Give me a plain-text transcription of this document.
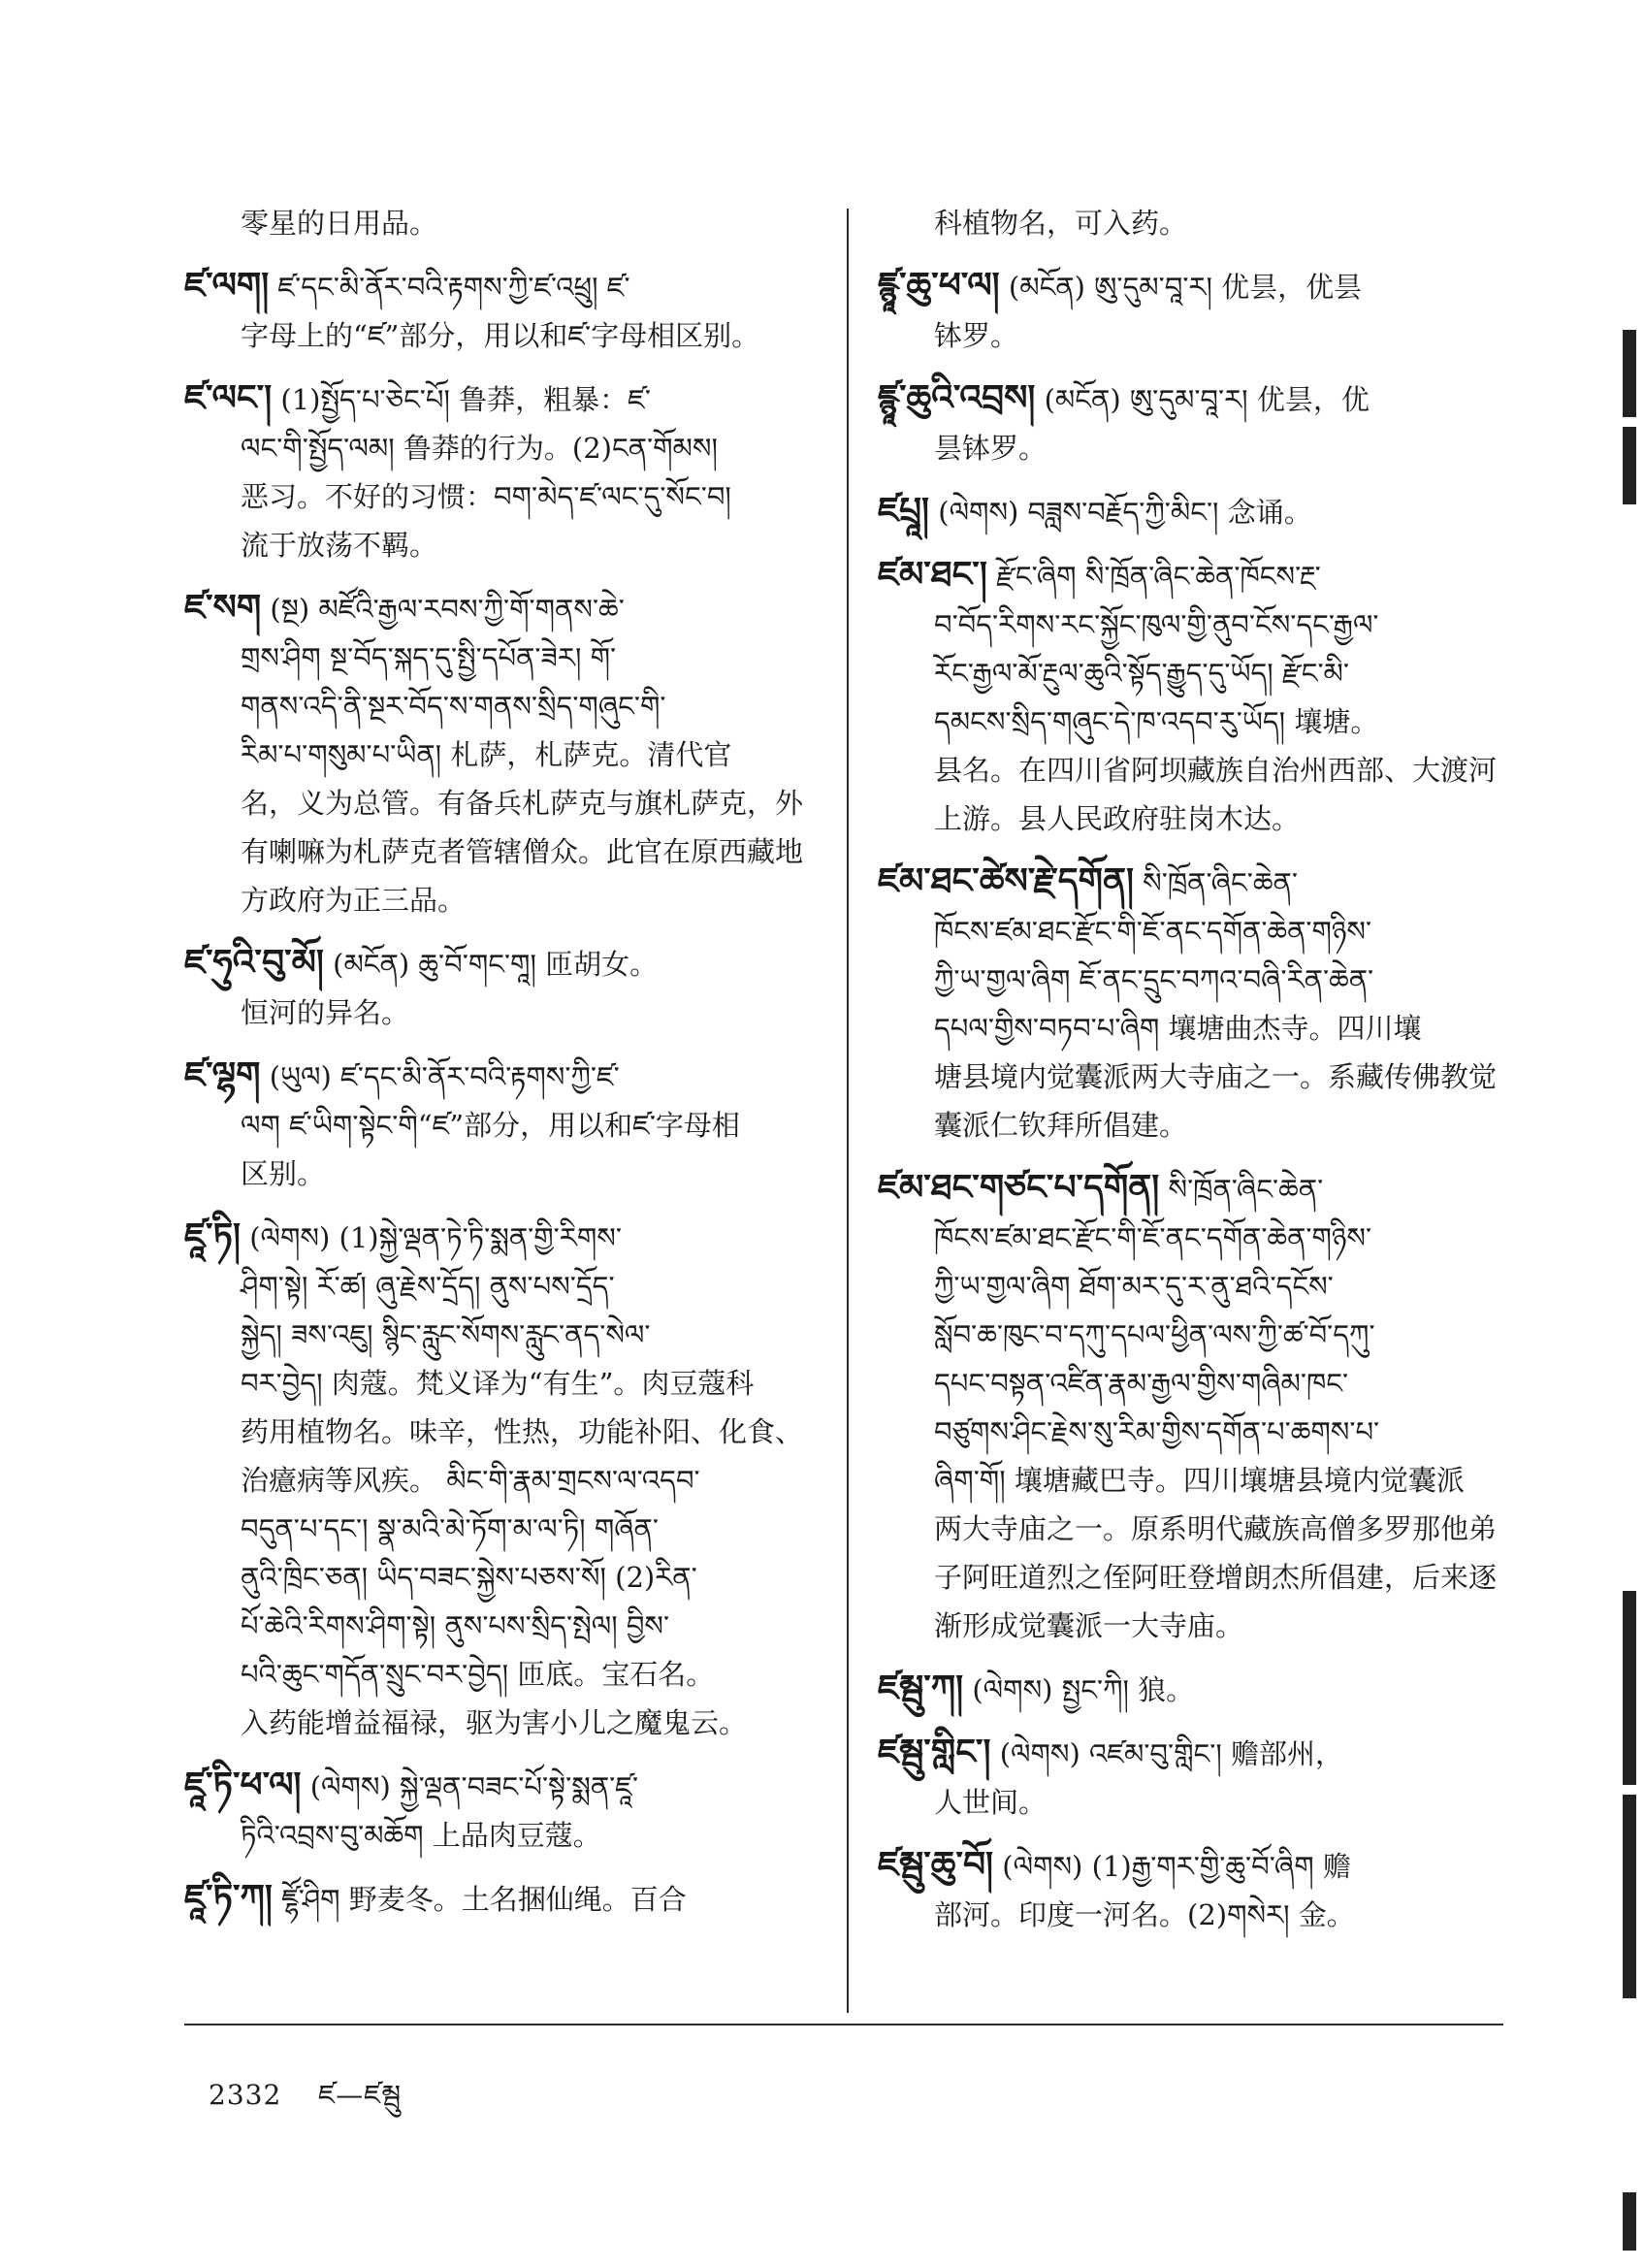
零星的日用品。
ཛ་ལག། ཛ་དང་མི་ནོར་བའི་རྟགས་ཀྱི་ཛ་འཕྲུ། ཛ་
字母上的“ཛ”部分，用以和ཛ་字母相区别。
ཛ་ལང་། (1)སྤྱོད་པ་ཅེང་པོ། 鲁莽，粗暴：ཛ་
ལང་གི་སྤྱོད་ལམ། 鲁莽的行为。(2)ངན་གོམས།
恶习。不好的习惯：བག་མེད་ཛ་ལང་དུ་སོང་བ།
流于放荡不羁。
ཛ་སག (སྔ) མཛོའི་རྒྱལ་རབས་ཀྱི་གོ་གནས་ཆེ་
གྲས་ཤིག སྔ་བོད་སྐད་དུ་སྤྱི་དཔོན་ཟེར། གོ་
གནས་འདི་ནི་སྔར་བོད་ས་གནས་སྲིད་གཞུང་གི་
རིམ་པ་གསུམ་པ་ཡིན། 札萨，札萨克。清代官
名，义为总管。有备兵札萨克与旗札萨克，外
有喇嘛为札萨克者管辖僧众。此官在原西藏地
方政府为正三品。
ཛ་ཧུའི་བུ་མོ། (མངོན) ཆུ་བོ་གང་གཱ། 匝胡女。
恒河的异名。
ཛ་ལྷག (ཡུལ) ཛ་དང་མི་ནོར་བའི་རྟགས་ཀྱི་ཛ་
ལག ཛ་ཡིག་སྟེང་གི“ཛ”部分，用以和ཛ་字母相
区别。
ཛཱ་ཏི། (ལེགས) (1)སྐྱེ་ལྡན་ཏེ་ཏི་སྨན་གྱི་རིགས་
ཤིག་སྟེ། རོ་ཚ། ཞུ་རྗེས་དྲོད། ནུས་པས་དྲོད་
སྐྱེད། ཟས་འཇུ། སྙིང་རླུང་སོགས་རླུང་ནད་སེལ་
བར་བྱེད། 肉蔻。梵义译为“有生”。肉豆蔻科
药用植物名。味辛，性热，功能补阳、化食、
治癔病等风疾。 མིང་གི་རྣམ་གྲངས་ལ་འདབ་
བདུན་པ་དང་། སྣ་མའི་མེ་ཏོག་མ་ལ་ཏི། གཞོན་
ནུའི་ཁྲིང་ཅན། ཡིད་བཟང་སྐྱེས་པཅས་སོ། (2)རིན་
པོ་ཆེའི་རིགས་ཤིག་སྟེ། ནུས་པས་སྲིད་སྤེལ། བྱིས་
པའི་ཆུང་གདོན་སྲུང་བར་བྱེད། 匝底。宝石名。
入药能增益福禄，驱为害小儿之魔鬼云。
ཛཱ་ཏི་ཕ་ལ། (ལེགས) སྐྱེ་ལྡན་བཟང་པོ་སྟེ་སྨན་ཛཱ་
ཏིའི་འབྲས་བུ་མཆོག 上品肉豆蔻。
ཛཱ་ཏི་ཀ། ཛྷོ་ཤིག 野麦冬。土名捆仙绳。百合
科植物名，可入药。
ཛྙཱ་ཆུ་ཕ་ལ། (མངོན) ཨུ་དུམ་བཱ་ར། 优昙，优昙
钵罗。
ཛྙཱ་ཆུའི་འབྲས། (མངོན) ཨུ་དུམ་བཱ་ར། 优昙，优
昙钵罗。
ཛཔྲཱ། (ལེགས) བཟླས་བརྗོད་ཀྱི་མིང་། 念诵。
ཛམ་ཐང་། རྫོང་ཞིག སི་ཁྲོན་ཞིང་ཆེན་ཁོངས་རྔ་
བ་བོད་རིགས་རང་སྐྱོང་ཁུལ་གྱི་ནུབ་ངོས་དང་རྒྱལ་
རོང་རྒྱལ་མོ་རྔུལ་ཆུའི་སྟོད་རྒྱུད་དུ་ཡོད། རྫོང་མི་
དམངས་སྲིད་གཞུང་དེ་ཁ་འདབ་རུ་ཡོད། 壤塘。
县名。在四川省阿坝藏族自治州西部、大渡河
上游。县人民政府驻岗木达。
ཛམ་ཐང་ཚེས་རྗེ་དགོན། སི་ཁྲོན་ཞིང་ཆེན་
ཁོངས་ཛམ་ཐང་རྫོང་གི་ཇོ་ནང་དགོན་ཆེན་གཉིས་
ཀྱི་ཡ་གྱལ་ཞིག ཇོ་ནང་དྲུང་བཀའ་བཞི་རིན་ཆེན་
དཔལ་གྱིས་བཏབ་པ་ཞིག 壤塘曲杰寺。四川壤
塘县境内觉囊派两大寺庙之一。系藏传佛教觉
囊派仁钦拜所倡建。
ཛམ་ཐང་གཙང་པ་དགོན། སི་ཁྲོན་ཞིང་ཆེན་
ཁོངས་ཛམ་ཐང་རྫོང་གི་ཇོ་ནང་དགོན་ཆེན་གཉིས་
ཀྱི་ཡ་གྱལ་ཞིག ཐོག་མར་དུ་ར་ནུ་ཐའི་དངོས་
སློབ་ཆ་ཁུང་བ་དཀུ་དཔལ་ཕྱིན་ལས་ཀྱི་ཚ་བོ་དཀུ་
དཔང་བསྟན་འཛིན་རྣམ་རྒྱལ་གྱིས་གཞིམ་ཁང་
བཙུགས་ཤིང་རྗེས་སུ་རིམ་གྱིས་དགོན་པ་ཆགས་པ་
ཞིག་གོ། 壤塘藏巴寺。四川壤塘县境内觉囊派
两大寺庙之一。原系明代藏族高僧多罗那他弟
子阿旺道烈之侄阿旺登增朗杰所倡建，后来逐
渐形成觉囊派一大寺庙。
ཛམྦུ་ཀ། (ལེགས) སྤྱང་ཀི། 狼。
ཛམྦུ་གླིང་། (ལེགས) འཛམ་བུ་གླིང་། 赡部州，
人世间。
ཛམྦུ་ཆུ་བོ། (ལེགས) (1)རྒྱ་གར་གྱི་ཆུ་བོ་ཞིག 赡
部河。印度一河名。(2)གསེར། 金。
2332 ཛ—ཛམྦུ
